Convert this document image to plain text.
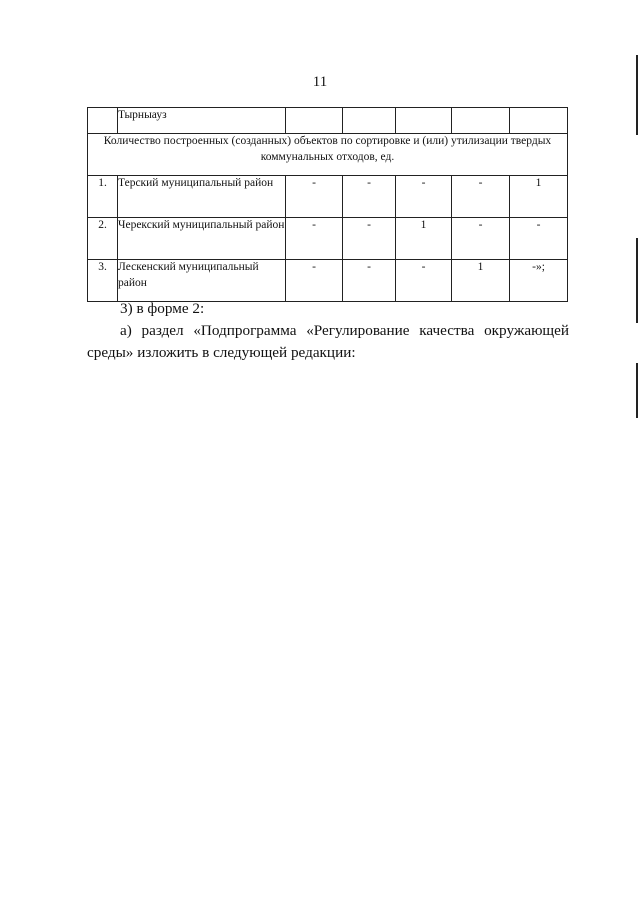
11
	Тырныауз					
Количество построенных (созданных) объектов по сортировке и (или) утилизации твердых коммунальных отходов, ед.						
1.	Терский муниципальный район	-	-	-	-	1
2.	Черекский муниципальный район	-	-	1	-	-
3.	Лескенский муниципальный район	-	-	-	1	-»;

3) в форме 2:

а) раздел «Подпрограмма «Регулирование качества окружающей среды» изложить в следующей редакции:
